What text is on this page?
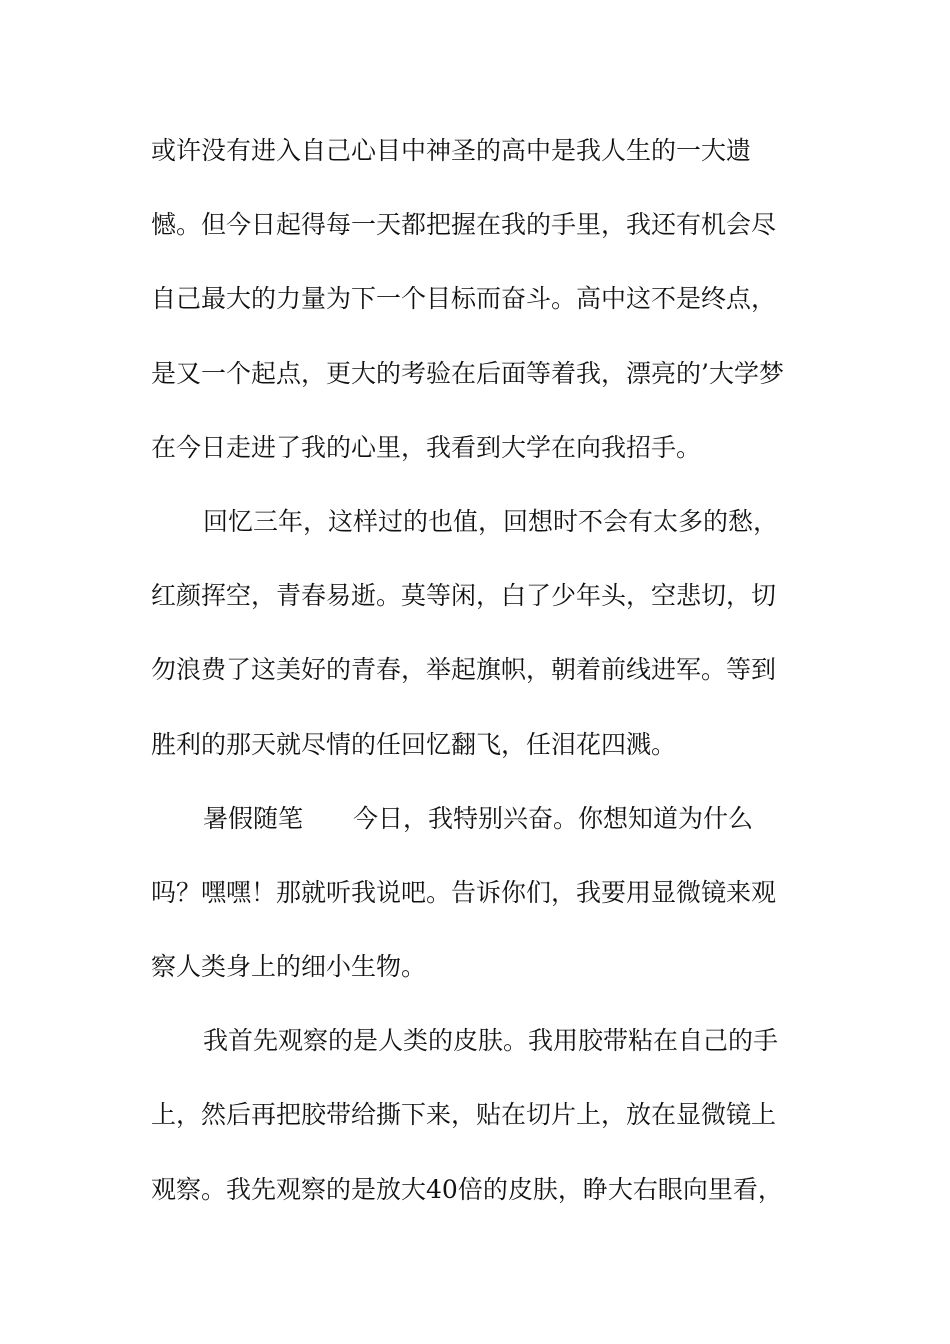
或许没有进入自己心目中神圣的高中是我人生的一大遗
憾。但今日起得每一天都把握在我的手里，我还有机会尽
自己最大的力量为下一个目标而奋斗。高中这不是终点，
是又一个起点，更大的考验在后面等着我，漂亮的’大学梦
在今日走进了我的心里，我看到大学在向我招手。
回忆三年，这样过的也值，回想时不会有太多的愁，
红颜挥空，青春易逝。莫等闲，白了少年头，空悲切，切
勿浪费了这美好的青春，举起旗帜，朝着前线进军。等到
胜利的那天就尽情的任回忆翻飞，任泪花四溅。
暑假随笔　　今日，我特别兴奋。你想知道为什么
吗？嘿嘿！那就听我说吧。告诉你们，我要用显微镜来观
察人类身上的细小生物。
我首先观察的是人类的皮肤。我用胶带粘在自己的手
上，然后再把胶带给撕下来，贴在切片上，放在显微镜上
观察。我先观察的是放大40倍的皮肤，睁大右眼向里看，
